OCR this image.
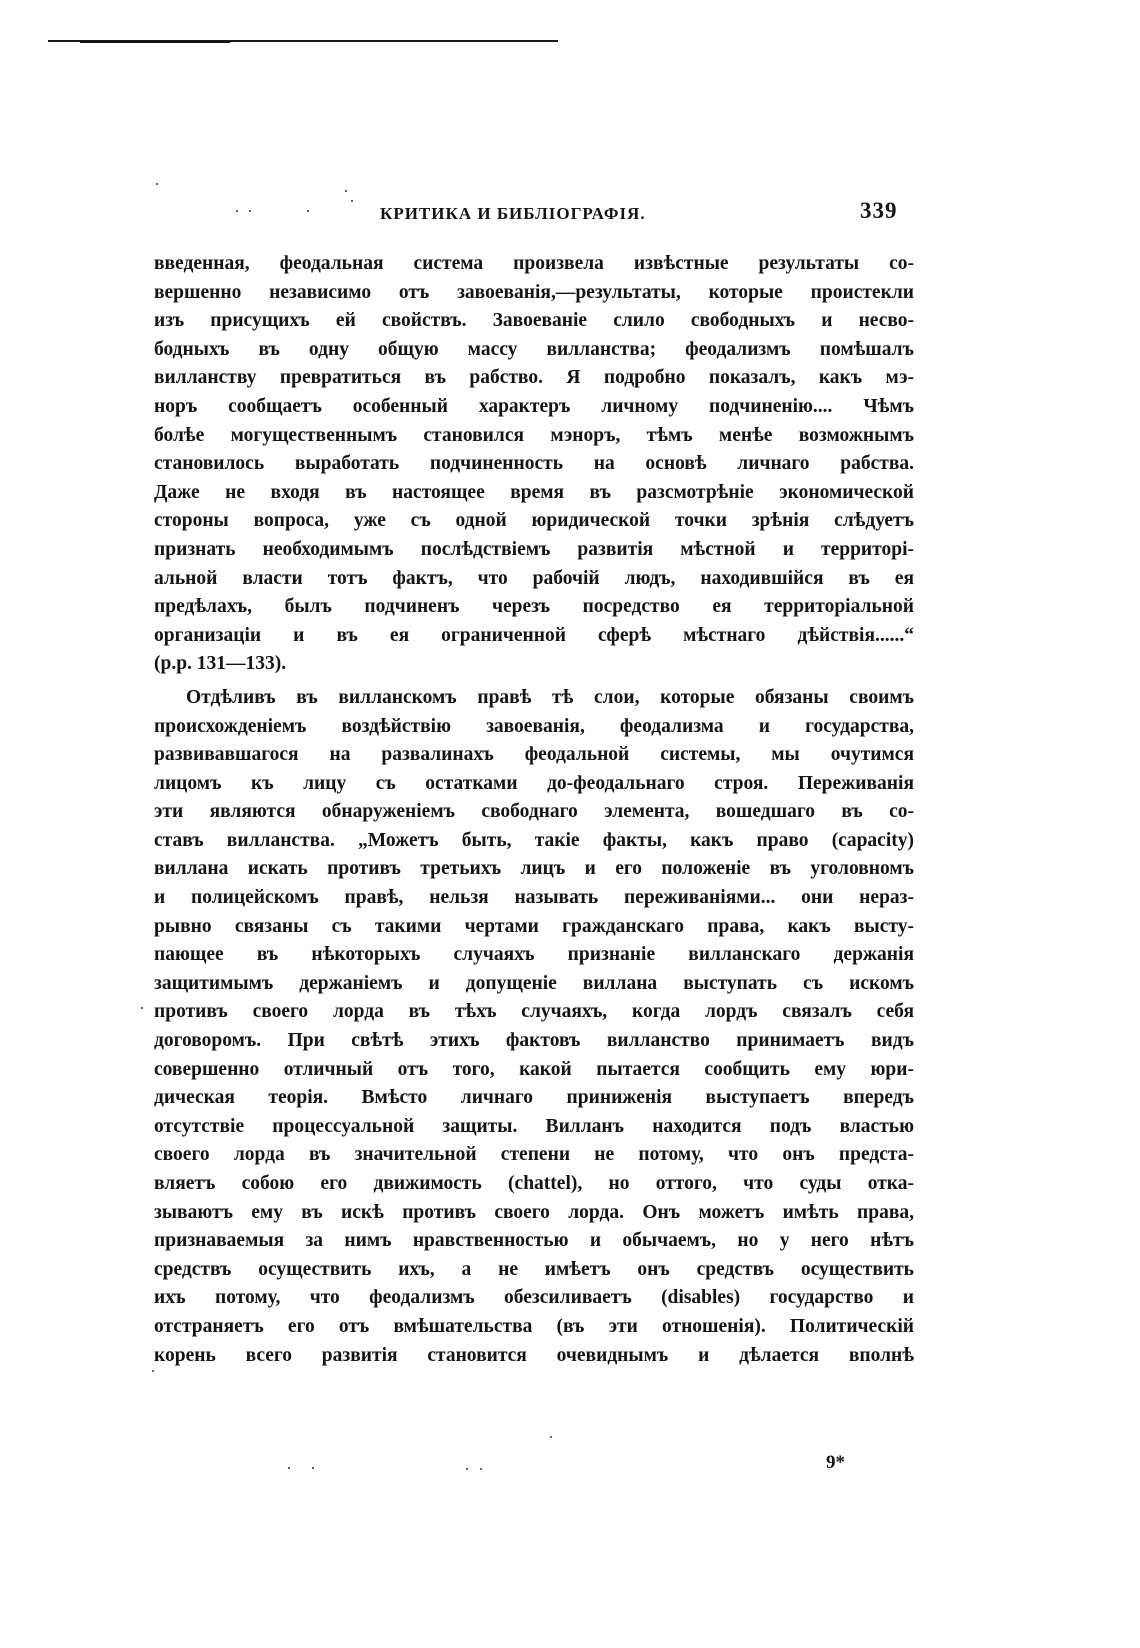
КРИТИКА И БИБЛІОГРАФІЯ.	339
введенная, феодальная система произвела извѣстные результаты со-
вершенно независимо отъ завоеванія,—результаты, которые проистекли
изъ присущихъ ей свойствъ. Завоеваніе слило свободныхъ и несво-
бодныхъ въ одну общую массу вилланства; феодализмъ помѣшалъ
вилланству превратиться въ рабство. Я подробно показалъ, какъ мэ-
норъ сообщаетъ особенный характеръ личному подчиненію.... Чѣмъ
болѣе могущественнымъ становился мэноръ, тѣмъ менѣе возможнымъ
становилось выработать подчиненность на основѣ личнаго рабства.
Даже не входя въ настоящее время въ разсмотрѣніе экономической
стороны вопроса, уже съ одной юридической точки зрѣнія слѣдуетъ
признать необходимымъ послѣдствіемъ развитія мѣстной и территорі-
альной власти тотъ фактъ, что рабочій людъ, находившійся въ ея
предѣлахъ, былъ подчиненъ черезъ посредство ея территоріальной
организаціи и въ ея ограниченной сферѣ мѣстнаго дѣйствія......“
(p.p. 131—133).
Отдѣливъ въ вилланскомъ правѣ тѣ слои, которые обязаны своимъ
происхожденіемъ воздѣйствію завоеванія, феодализма и государства,
развивавшагося на развалинахъ феодальной системы, мы очутимся
лицомъ къ лицу съ остатками до-феодальнаго строя. Переживанія
эти являются обнаруженіемъ свободнаго элемента, вошедшаго въ со-
ставъ вилланства. „Можетъ быть, такіе факты, какъ право (capacity)
виллана искать противъ третьихъ лицъ и его положеніе въ уголовномъ
и полицейскомъ правѣ, нельзя называть переживаніями... они нераз-
рывно связаны съ такими чертами гражданскаго права, какъ высту-
пающее въ нѣкоторыхъ случаяхъ признаніе вилланскаго держанія
защитимымъ держаніемъ и допущеніе виллана выступать съ искомъ
противъ своего лорда въ тѣхъ случаяхъ, когда лордъ связалъ себя
договоромъ. При свѣтѣ этихъ фактовъ вилланство принимаетъ видъ
совершенно отличный отъ того, какой пытается сообщить ему юри-
дическая теорія. Вмѣсто личнаго приниженія выступаетъ впередъ
отсутствіе процессуальной защиты. Вилланъ находится подъ властью
своего лорда въ значительной степени не потому, что онъ предста-
вляетъ собою его движимость (chattel), но оттого, что суды отка-
зываютъ ему въ искѣ противъ своего лорда. Онъ можетъ имѣть права,
признаваемыя за нимъ нравственностью и обычаемъ, но у него нѣтъ
средствъ осуществить ихъ, а не имѣетъ онъ средствъ осуществить
ихъ потому, что феодализмъ обезсиливаетъ (disables) государство и
отстраняетъ его отъ вмѣшательства (въ эти отношенія). Политическій
корень всего развитія становится очевиднымъ и дѣлается вполнѣ
9*
